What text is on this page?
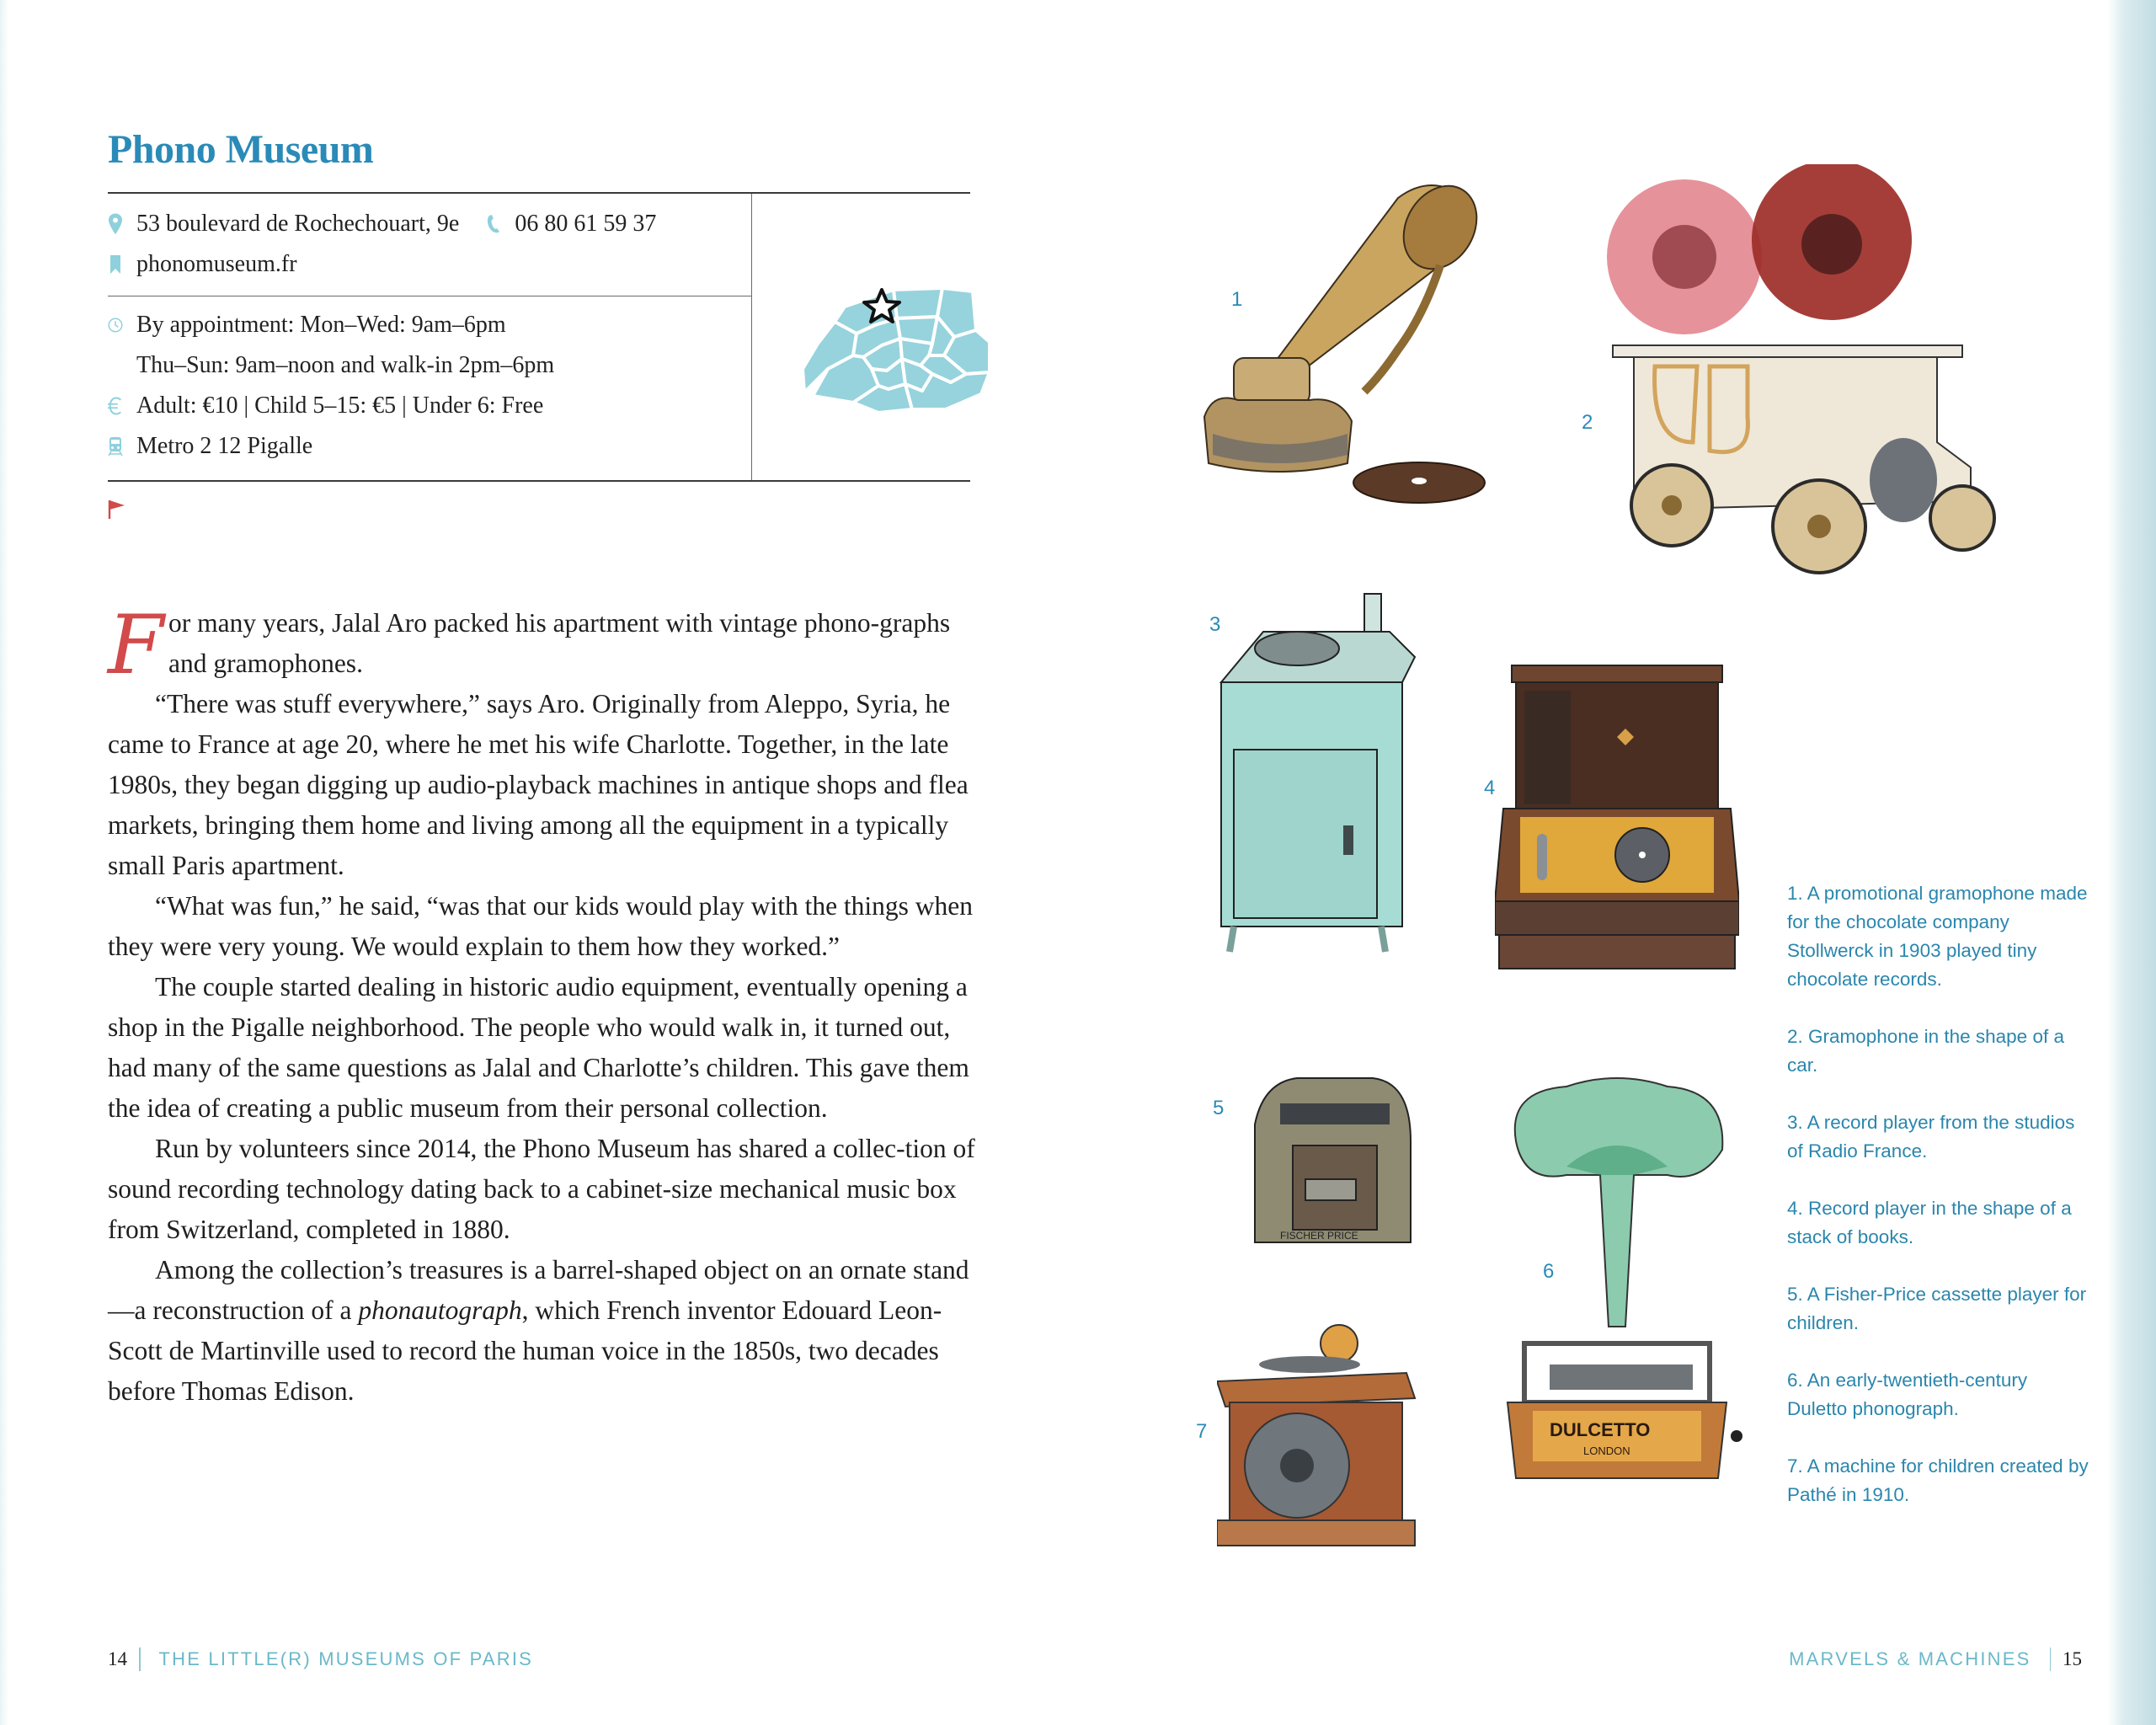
Phono Museum
53 boulevard de Rochechouart, 9e 06 80 61 59 37
phonomuseum.fr
By appointment: Mon–Wed: 9am–6pm
Thu–Sun: 9am–noon and walk-in 2pm–6pm
Adult: €10 | Child 5–15: €5 | Under 6: Free
Metro 2 12 Pigalle

F or many years, Jalal Aro packed his apartment with vintage phono-graphs and gramophones.

“There was stuff everywhere,” says Aro. Originally from Aleppo, Syria, he came to France at age 20, where he met his wife Charlotte. Together, in the late 1980s, they began digging up audio-playback machines in antique shops and flea markets, bringing them home and living among all the equipment in a typically small Paris apartment.

“What was fun,” he said, “was that our kids would play with the things when they were very young. We would explain to them how they worked.”

The couple started dealing in historic audio equipment, eventually opening a shop in the Pigalle neighborhood. The people who would walk in, it turned out, had many of the same questions as Jalal and Charlotte’s children. This gave them the idea of creating a public museum from their personal collection.

Run by volunteers since 2014, the Phono Museum has shared a collec-tion of sound recording technology dating back to a cabinet-size mechanical music box from Switzerland, completed in 1880.

Among the collection’s treasures is a barrel-shaped object on an ornate stand—a reconstruction of a phonautograph, which French inventor Edouard Leon-Scott de Martinville used to record the human voice in the 1850s, two decades before Thomas Edison.

14 THE LITTLE(R) MUSEUMS OF PARIS
1
2
3
4
5
FISCHER PRICE
6
DULCETTO
LONDON
7

1. A promotional gramophone made for the chocolate company Stollwerck in 1903 played tiny chocolate records.

2. Gramophone in the shape of a car.

3. A record player from the studios of Radio France.

4. Record player in the shape of a stack of books.

5. A Fisher-Price cassette player for children.

6. An early-twentieth-century Duletto phonograph.

7. A machine for children created by Pathé in 1910.

MARVELS & MACHINES 15
